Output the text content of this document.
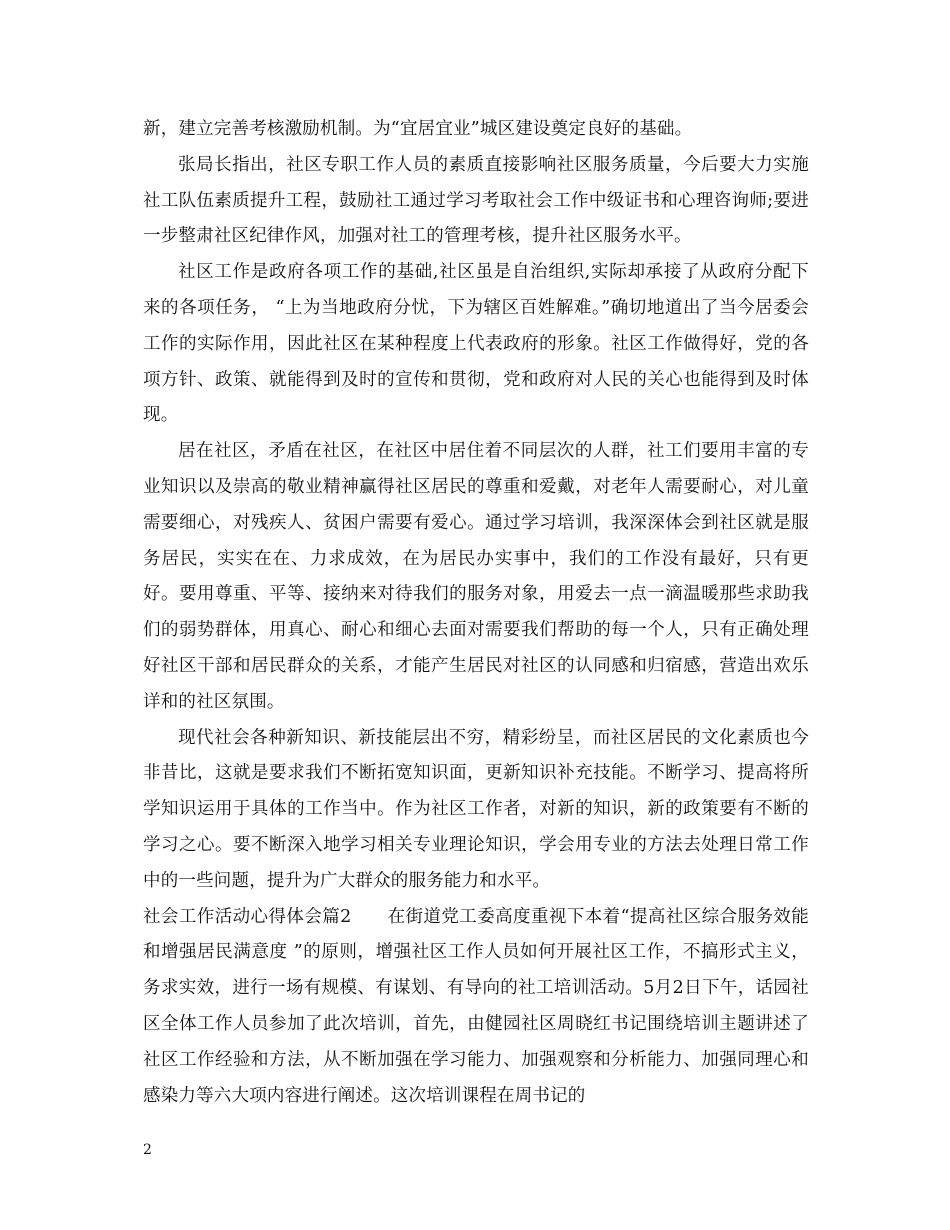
新，建立完善考核激励机制。为“宜居宜业”城区建设奠定良好的基础。

张局长指出，社区专职工作人员的素质直接影响社区服务质量，今后要大力实施社工队伍素质提升工程，鼓励社工通过学习考取社会工作中级证书和心理咨询师;要进一步整肃社区纪律作风，加强对社工的管理考核，提升社区服务水平。

社区工作是政府各项工作的基础,社区虽是自治组织,实际却承接了从政府分配下来的各项任务， “上为当地政府分忧，下为辖区百姓解难。”确切地道出了当今居委会工作的实际作用，因此社区在某种程度上代表政府的形象。社区工作做得好，党的各项方针、政策、就能得到及时的宣传和贯彻，党和政府对人民的关心也能得到及时体现。

居在社区，矛盾在社区，在社区中居住着不同层次的人群，社工们要用丰富的专业知识以及崇高的敬业精神赢得社区居民的尊重和爱戴，对老年人需要耐心，对儿童需要细心，对残疾人、贫困户需要有爱心。通过学习培训，我深深体会到社区就是服务居民，实实在在、力求成效，在为居民办实事中，我们的工作没有最好，只有更好。要用尊重、平等、接纳来对待我们的服务对象，用爱去一点一滴温暖那些求助我们的弱势群体，用真心、耐心和细心去面对需要我们帮助的每一个人，只有正确处理好社区干部和居民群众的关系，才能产生居民对社区的认同感和归宿感，营造出欢乐详和的社区氛围。

现代社会各种新知识、新技能层出不穷，精彩纷呈，而社区居民的文化素质也今非昔比，这就是要求我们不断拓宽知识面，更新知识补充技能。不断学习、提高将所学知识运用于具体的工作当中。作为社区工作者，对新的知识，新的政策要有不断的学习之心。要不断深入地学习相关专业理论知识，学会用专业的方法去处理日常工作中的一些问题，提升为广大群众的服务能力和水平。

社会工作活动心得体会篇2　　在街道党工委高度重视下本着“提高社区综合服务效能和增强居民满意度 ”的原则，增强社区工作人员如何开展社区工作，不搞形式主义，务求实效，进行一场有规模、有谋划、有导向的社工培训活动。5月2日下午，话园社区全体工作人员参加了此次培训，首先，由健园社区周晓红书记围绕培训主题讲述了社区工作经验和方法，从不断加强在学习能力、加强观察和分析能力、加强同理心和感染力等六大项内容进行阐述。这次培训课程在周书记的

2
